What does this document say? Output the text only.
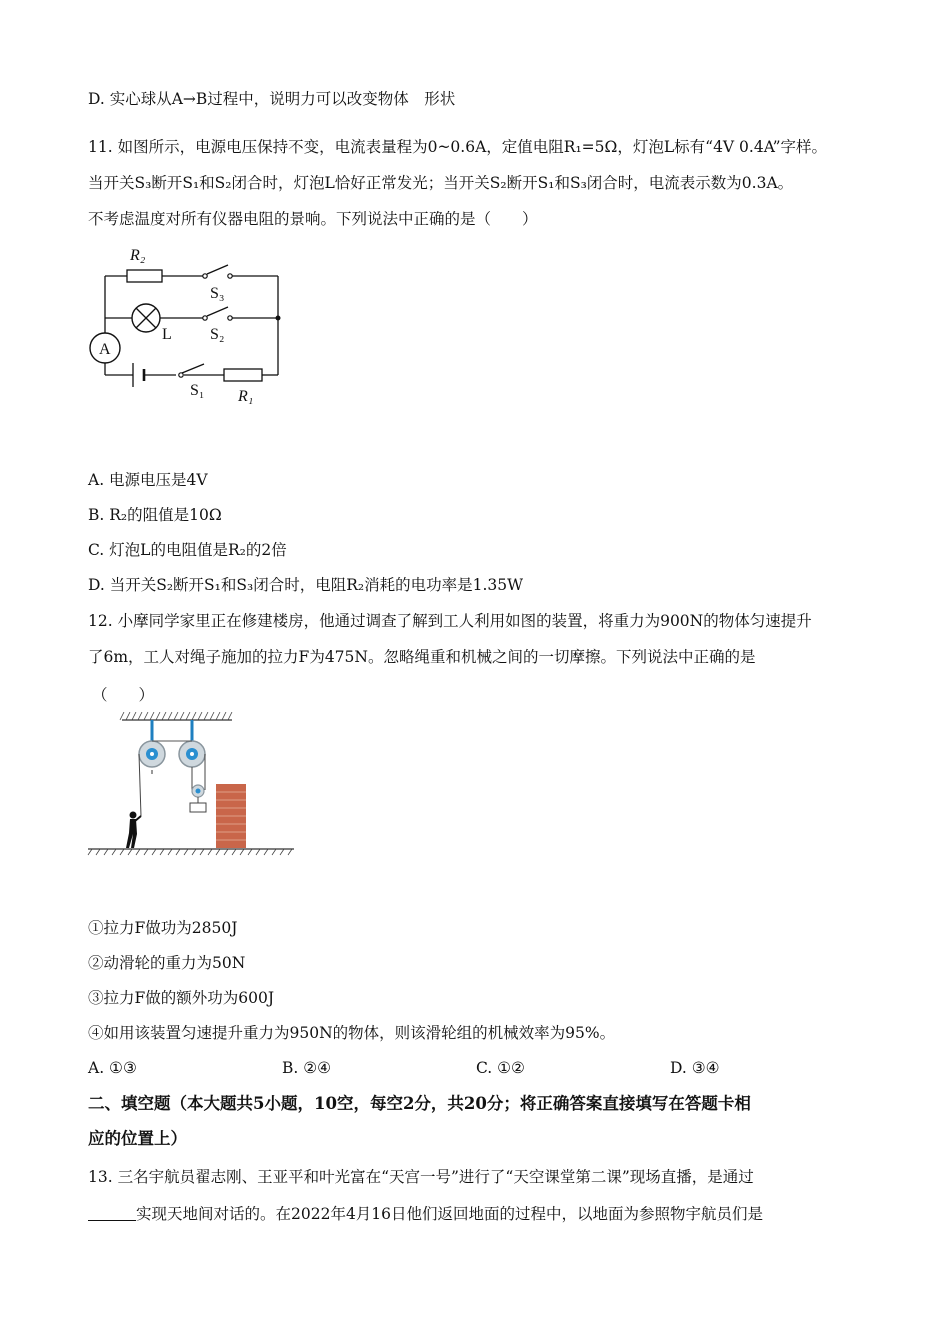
D. 实心球从A→B过程中，说明力可以改变物体　形状
11. 如图所示，电源电压保持不变，电流表量程为0~0.6A，定值电阻R₁=5Ω，灯泡L标有“4V 0.4A”字样。
当开关S₃断开S₁和S₂闭合时，灯泡L恰好正常发光；当开关S₂断开S₁和S₃闭合时，电流表示数为0.3A。
不考虑温度对所有仪器电阻的景响。下列说法中正确的是（　　）
R₂
S₃
L S₂
A
S₁ R₁
A. 电源电压是4V
B. R₂的阻值是10Ω
C. 灯泡L的电阻值是R₂的2倍
D. 当开关S₂断开S₁和S₃闭合时，电阻R₂消耗的电功率是1.35W
12. 小摩同学家里正在修建楼房，他通过调查了解到工人利用如图的装置，将重力为900N的物体匀速提升
了6m，工人对绳子施加的拉力F为475N。忽略绳重和机械之间的一切摩擦。下列说法中正确的是
（　　）
①拉力F做功为2850J
②动滑轮的重力为50N
③拉力F做的额外功为600J
④如用该装置匀速提升重力为950N的物体，则该滑轮组的机械效率为95%。
A. ①③	B. ②④	C. ①②	D. ③④
二、填空题（本大题共5小题，10空，每空2分，共20分；将正确答案直接填写在答题卡相
应的位置上）
13. 三名宇航员翟志刚、王亚平和叶光富在“天宫一号”进行了“天空课堂第二课”现场直播，是通过
实现天地间对话的。在2022年4月16日他们返回地面的过程中，以地面为参照物宇航员们是
